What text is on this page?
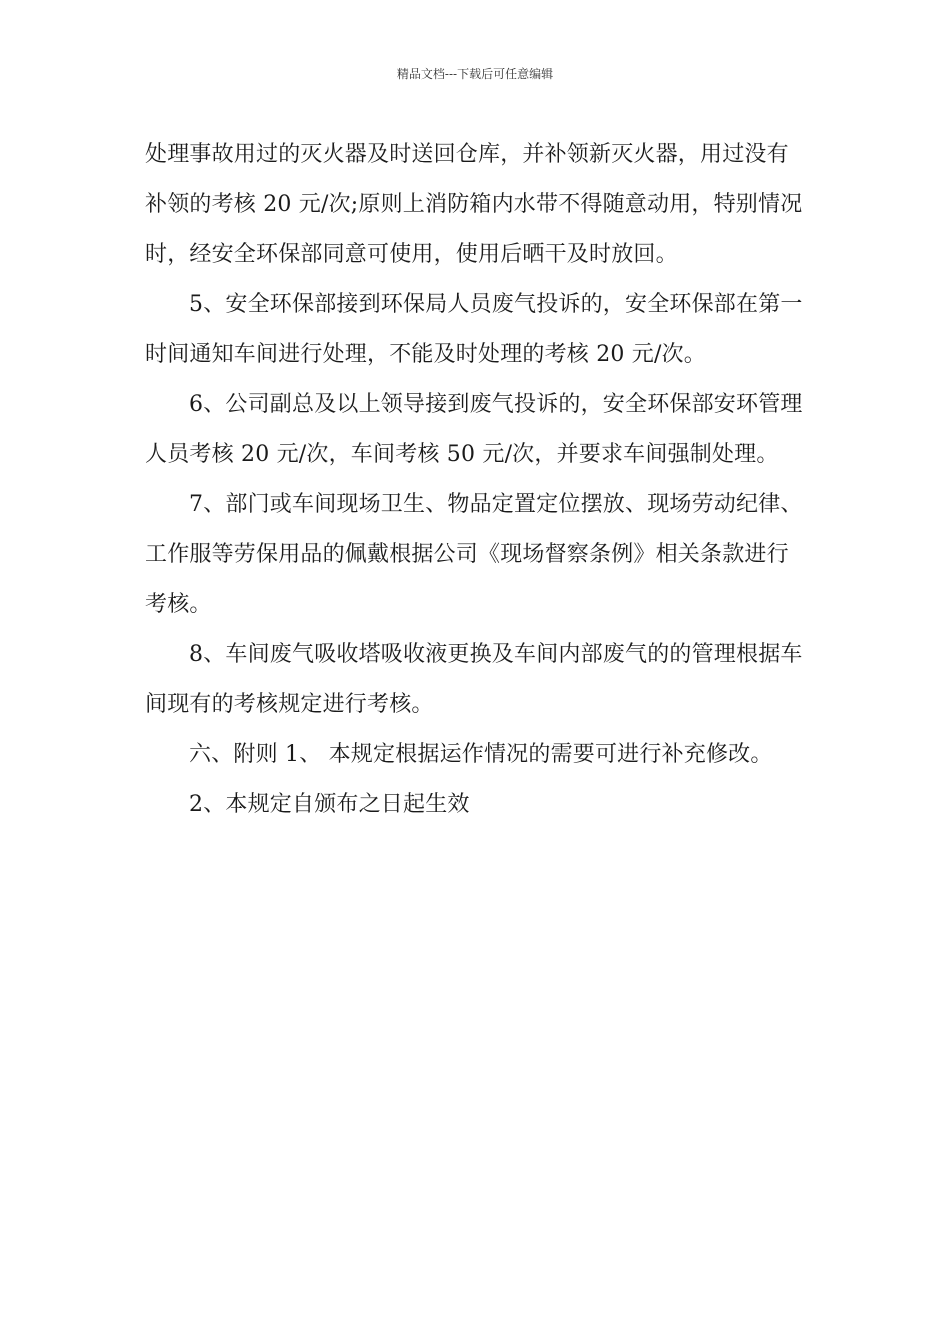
精品文档---下载后可任意编辑
处理事故用过的灭火器及时送回仓库，并补领新灭火器，用过没有
补领的考核 20 元/次;原则上消防箱内水带不得随意动用，特别情况
时，经安全环保部同意可使用，使用后晒干及时放回。
5、安全环保部接到环保局人员废气投诉的，安全环保部在第一
时间通知车间进行处理，不能及时处理的考核 20 元/次。
6、公司副总及以上领导接到废气投诉的，安全环保部安环管理
人员考核 20 元/次，车间考核 50 元/次，并要求车间强制处理。
7、部门或车间现场卫生、物品定置定位摆放、现场劳动纪律、
工作服等劳保用品的佩戴根据公司《现场督察条例》相关条款进行
考核。
8、车间废气吸收塔吸收液更换及车间内部废气的的管理根据车
间现有的考核规定进行考核。
六、附则 1、 本规定根据运作情况的需要可进行补充修改。
2、本规定自颁布之日起生效
